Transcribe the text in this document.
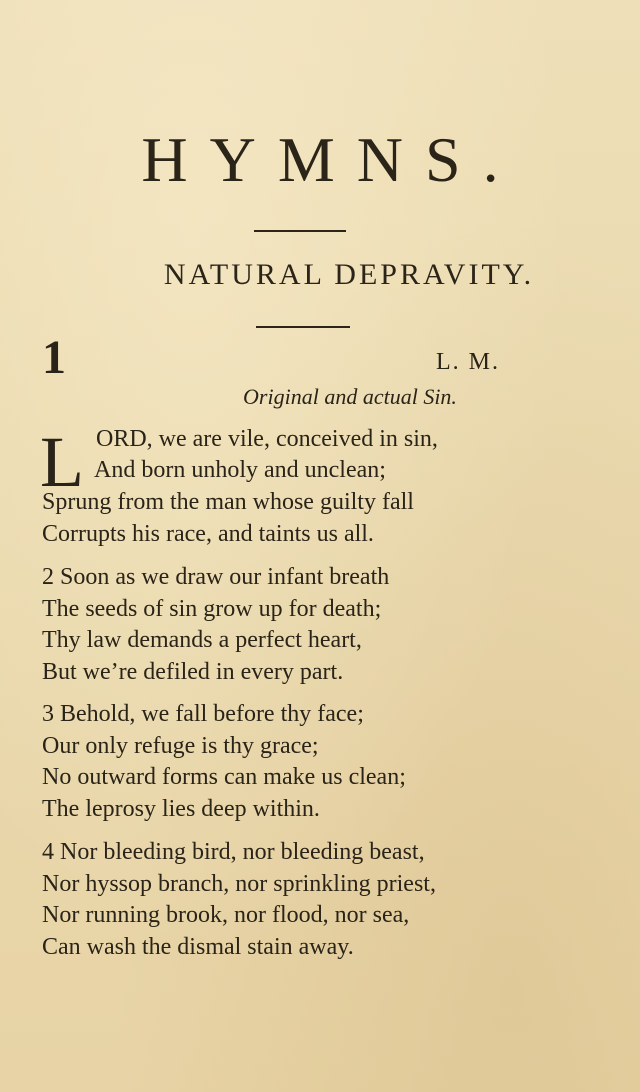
HYMNS.
NATURAL DEPRAVITY.
1	L. M.
Original and actual Sin.
L ORD, we are vile, conceived in sin,
And born unholy and unclean;
Sprung from the man whose guilty fall
Corrupts his race, and taints us all.
2 Soon as we draw our infant breath
The seeds of sin grow up for death;
Thy law demands a perfect heart,
But we’re defiled in every part.
3 Behold, we fall before thy face;
Our only refuge is thy grace;
No outward forms can make us clean;
The leprosy lies deep within.
4 Nor bleeding bird, nor bleeding beast,
Nor hyssop branch, nor sprinkling priest,
Nor running brook, nor flood, nor sea,
Can wash the dismal stain away.
